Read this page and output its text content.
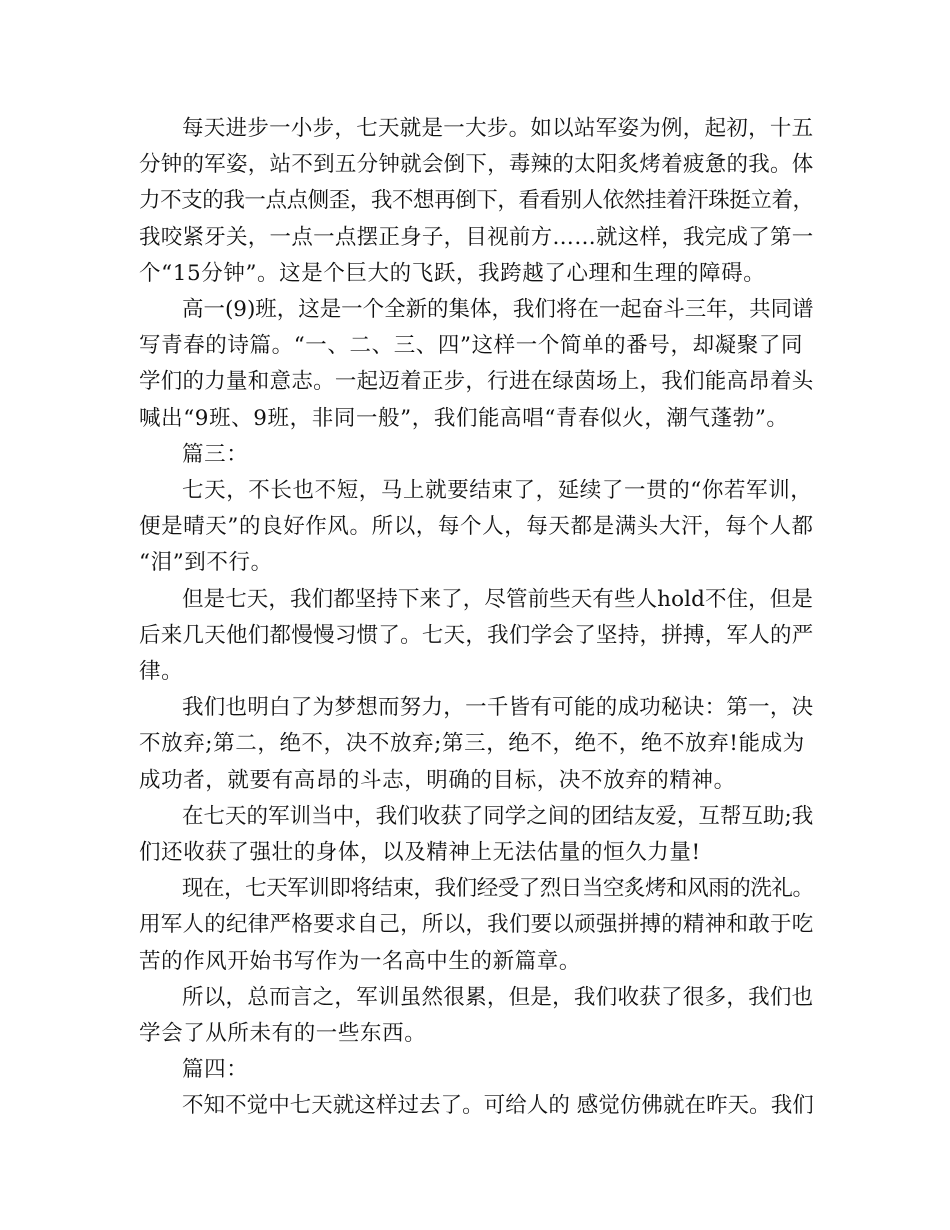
每天进步一小步，七天就是一大步。如以站军姿为例，起初，十五
分钟的军姿，站不到五分钟就会倒下，毒辣的太阳炙烤着疲惫的我。体
力不支的我一点点侧歪，我不想再倒下，看看别人依然挂着汗珠挺立着，
我咬紧牙关，一点一点摆正身子，目视前方……就这样，我完成了第一
个“15分钟”。这是个巨大的飞跃，我跨越了心理和生理的障碍。
高一(9)班，这是一个全新的集体，我们将在一起奋斗三年，共同谱
写青春的诗篇。“一、二、三、四”这样一个简单的番号，却凝聚了同
学们的力量和意志。一起迈着正步，行进在绿茵场上，我们能高昂着头
喊出“9班、9班，非同一般”，我们能高唱“青春似火，潮气蓬勃”。
篇三：
七天，不长也不短，马上就要结束了，延续了一贯的“你若军训，
便是晴天”的良好作风。所以，每个人，每天都是满头大汗，每个人都
“泪”到不行。
但是七天，我们都坚持下来了，尽管前些天有些人hold不住，但是
后来几天他们都慢慢习惯了。七天，我们学会了坚持，拼搏，军人的严
律。
我们也明白了为梦想而努力，一千皆有可能的成功秘诀：第一，决
不放弃;第二，绝不，决不放弃;第三，绝不，绝不，绝不放弃!能成为
成功者，就要有高昂的斗志，明确的目标，决不放弃的精神。
在七天的军训当中，我们收获了同学之间的团结友爱，互帮互助;我
们还收获了强壮的身体，以及精神上无法估量的恒久力量!
现在，七天军训即将结束，我们经受了烈日当空炙烤和风雨的洗礼。
用军人的纪律严格要求自己，所以，我们要以顽强拼搏的精神和敢于吃
苦的作风开始书写作为一名高中生的新篇章。
所以，总而言之，军训虽然很累，但是，我们收获了很多，我们也
学会了从所未有的一些东西。
篇四：
不知不觉中七天就这样过去了。可给人的 感觉仿佛就在昨天。我们
